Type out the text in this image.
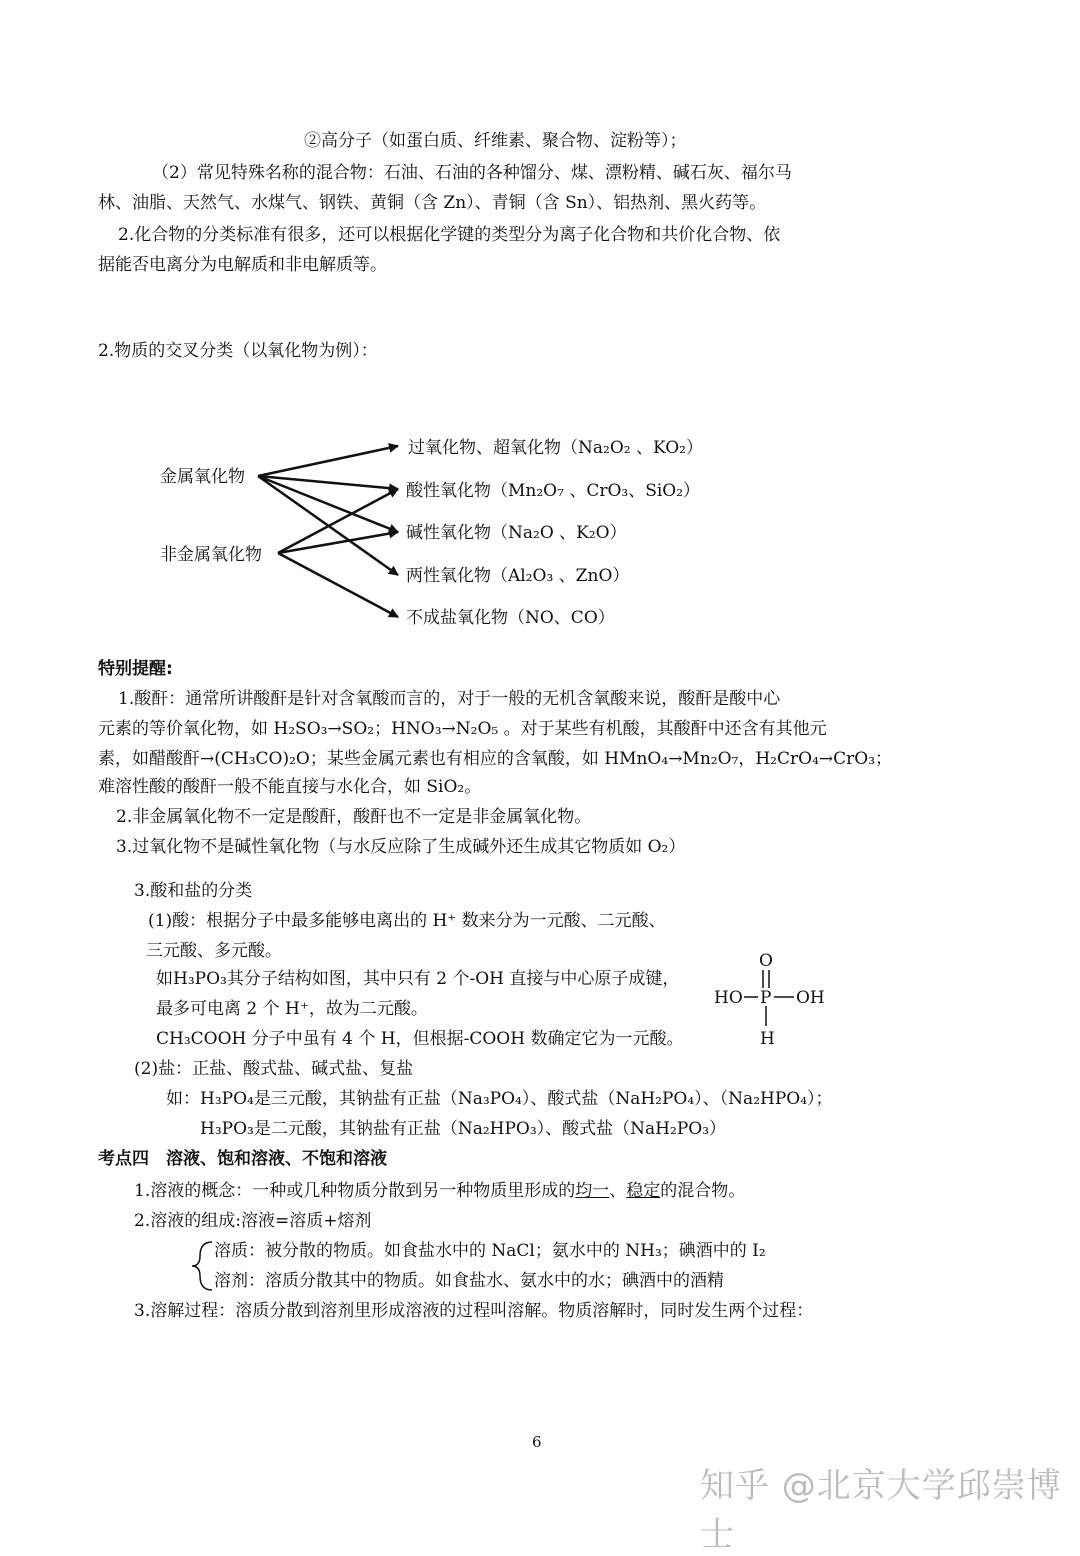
②高分子（如蛋白质、纤维素、聚合物、淀粉等）；
（2）常见特殊名称的混合物：石油、石油的各种馏分、煤、漂粉精、碱石灰、福尔马
林、油脂、天然气、水煤气、钢铁、黄铜（含 Zn）、青铜（含 Sn）、铝热剂、黑火药等。
2.化合物的分类标准有很多，还可以根据化学键的类型分为离子化合物和共价化合物、依
据能否电离分为电解质和非电解质等。
2.物质的交叉分类（以氧化物为例）：
金属氧化物
非金属氧化物
过氧化物、超氧化物（Na₂O₂ 、KO₂）
酸性氧化物（Mn₂O₇ 、CrO₃、SiO₂）
碱性氧化物（Na₂O 、K₂O）
两性氧化物（Al₂O₃ 、ZnO）
不成盐氧化物（NO、CO）
特别提醒:
1.酸酐：通常所讲酸酐是针对含氧酸而言的，对于一般的无机含氧酸来说，酸酐是酸中心
元素的等价氧化物，如 H₂SO₃→SO₂；HNO₃→N₂O₅ 。对于某些有机酸，其酸酐中还含有其他元
素，如醋酸酐→(CH₃CO)₂O；某些金属元素也有相应的含氧酸，如 HMnO₄→Mn₂O₇，H₂CrO₄→CrO₃；
难溶性酸的酸酐一般不能直接与水化合，如 SiO₂。
2.非金属氧化物不一定是酸酐，酸酐也不一定是非金属氧化物。
3.过氧化物不是碱性氧化物（与水反应除了生成碱外还生成其它物质如 O₂）
3.酸和盐的分类
(1)酸：根据分子中最多能够电离出的 H⁺ 数来分为一元酸、二元酸、
三元酸、多元酸。
如H₃PO₃其分子结构如图，其中只有 2 个-OH 直接与中心原子成键，
最多可电离 2 个 H⁺，故为二元酸。
CH₃COOH 分子中虽有 4 个 H，但根据-COOH 数确定它为一元酸。
O
HO P OH
H
(2)盐：正盐、酸式盐、碱式盐、复盐
如：H₃PO₄是三元酸，其钠盐有正盐（Na₃PO₄）、酸式盐（NaH₂PO₄）、（Na₂HPO₄）；
H₃PO₃是二元酸，其钠盐有正盐（Na₂HPO₃）、酸式盐（NaH₂PO₃）
考点四　溶液、饱和溶液、不饱和溶液
1.溶液的概念：一种或几种物质分散到另一种物质里形成的均一、稳定的混合物。
2.溶液的组成:溶液=溶质+熔剂
溶质：被分散的物质。如食盐水中的 NaCl；氨水中的 NH₃；碘酒中的 I₂
溶剂：溶质分散其中的物质。如食盐水、氨水中的水；碘酒中的酒精
3.溶解过程：溶质分散到溶剂里形成溶液的过程叫溶解。物质溶解时，同时发生两个过程：
6
知乎 @北京大学邱崇博士
